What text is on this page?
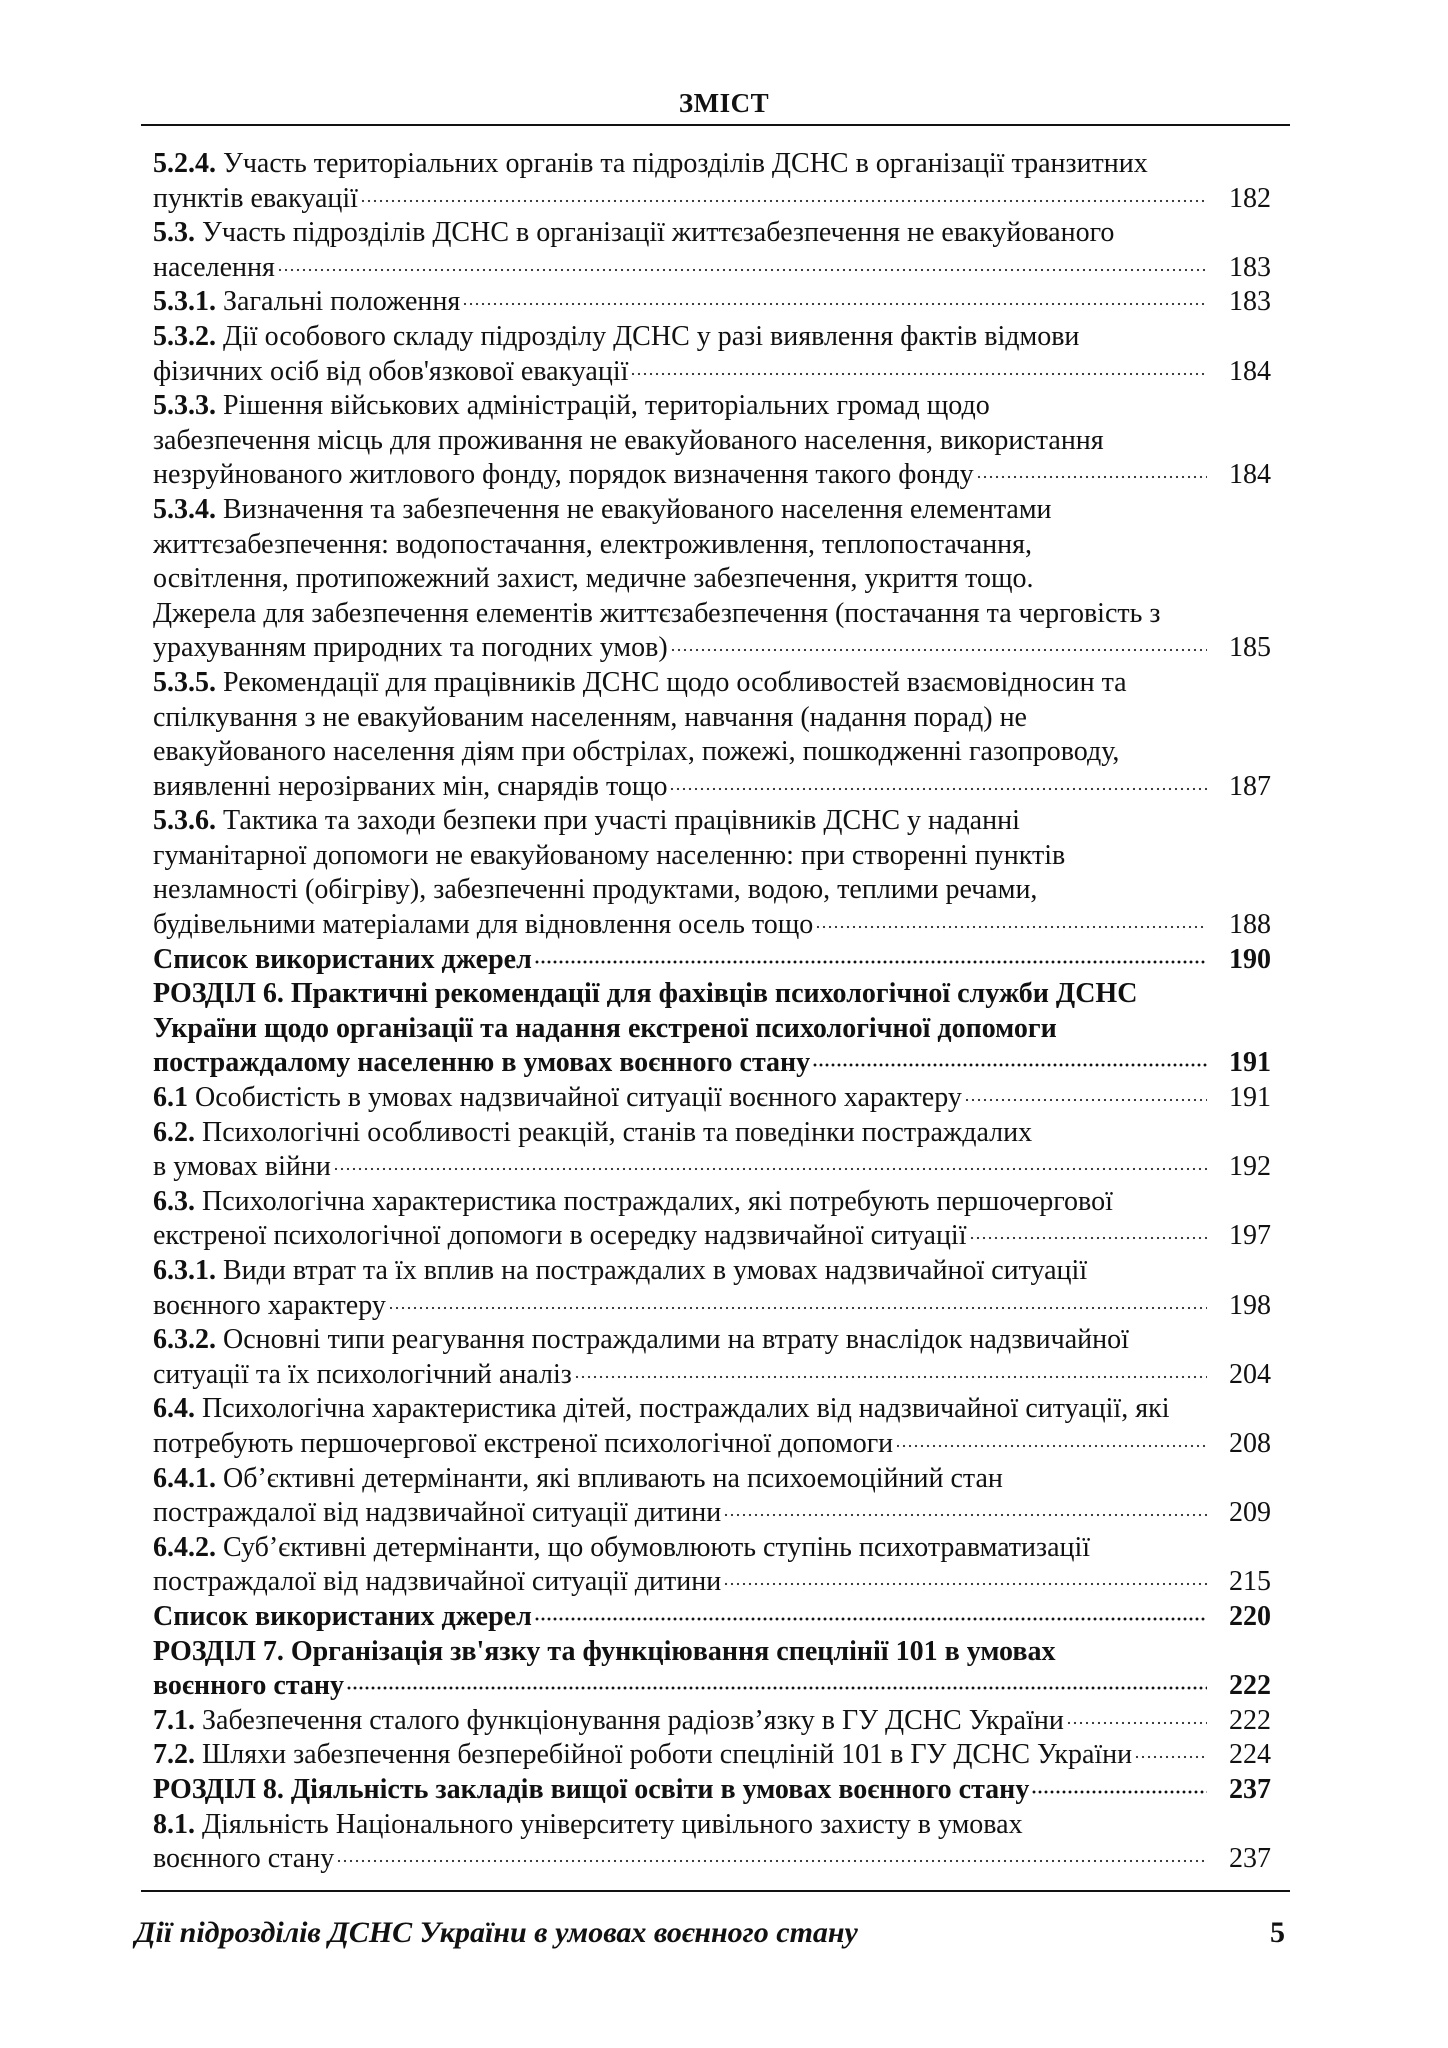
ЗМІСТ
5.2.4. Участь територіальних органів та підрозділів ДСНС в організації транзитних
пунктів евакуації	182
5.3. Участь підрозділів ДСНС в організації життєзабезпечення не евакуйованого
населення	183
5.3.1. Загальні положення	183
5.3.2. Дії особового складу підрозділу ДСНС у разі виявлення фактів відмови
фізичних осіб від обов'язкової евакуації	184
5.3.3. Рішення військових адміністрацій, територіальних громад щодо
забезпечення місць для проживання не евакуйованого населення, використання
незруйнованого житлового фонду, порядок визначення такого фонду	184
5.3.4. Визначення та забезпечення не евакуйованого населення елементами
життєзабезпечення: водопостачання, електроживлення, теплопостачання,
освітлення, протипожежний захист, медичне забезпечення, укриття тощо.
Джерела для забезпечення елементів життєзабезпечення (постачання та черговість з
урахуванням природних та погодних умов)	185
5.3.5. Рекомендації для працівників ДСНС щодо особливостей взаємовідносин та
спілкування з не евакуйованим населенням, навчання (надання порад) не
евакуйованого населення діям при обстрілах, пожежі, пошкодженні газопроводу,
виявленні нерозірваних мін, снарядів тощо	187
5.3.6. Тактика та заходи безпеки при участі працівників ДСНС у наданні
гуманітарної допомоги не евакуйованому населенню: при створенні пунктів
незламності (обігріву), забезпеченні продуктами, водою, теплими речами,
будівельними матеріалами для відновлення осель тощо	188
Список використаних джерел	190
РОЗДІЛ 6. Практичні рекомендації для фахівців психологічної служби ДСНС
України щодо організації та надання екстреної психологічної допомоги
постраждалому населенню в умовах воєнного стану	191
6.1 Особистість в умовах надзвичайної ситуації воєнного характеру	191
6.2. Психологічні особливості реакцій, станів та поведінки постраждалих
в умовах війни	192
6.3. Психологічна характеристика постраждалих, які потребують першочергової
екстреної психологічної допомоги в осередку надзвичайної ситуації	197
6.3.1. Види втрат та їх вплив на постраждалих в умовах надзвичайної ситуації
воєнного характеру	198
6.3.2. Основні типи реагування постраждалими на втрату внаслідок надзвичайної
ситуації та їх психологічний аналіз	204
6.4. Психологічна характеристика дітей, постраждалих від надзвичайної ситуації, які
потребують першочергової екстреної психологічної допомоги	208
6.4.1. Об’єктивні детермінанти, які впливають на психоемоційний стан
постраждалої від надзвичайної ситуації дитини	209
6.4.2. Суб’єктивні детермінанти, що обумовлюють ступінь психотравматизації
постраждалої від надзвичайної ситуації дитини	215
Список використаних джерел	220
РОЗДІЛ 7. Організація зв'язку та функціювання спецлінії 101 в умовах
воєнного стану	222
7.1. Забезпечення сталого функціонування радіозв’язку в ГУ ДСНС України	222
7.2. Шляхи забезпечення безперебійної роботи спецліній 101 в ГУ ДСНС України	224
РОЗДІЛ 8. Діяльність закладів вищої освіти в умовах воєнного стану	237
8.1. Діяльність Національного університету цивільного захисту в умовах
воєнного стану	237
Дії підрозділів ДСНС України в умовах воєнного стану	5
